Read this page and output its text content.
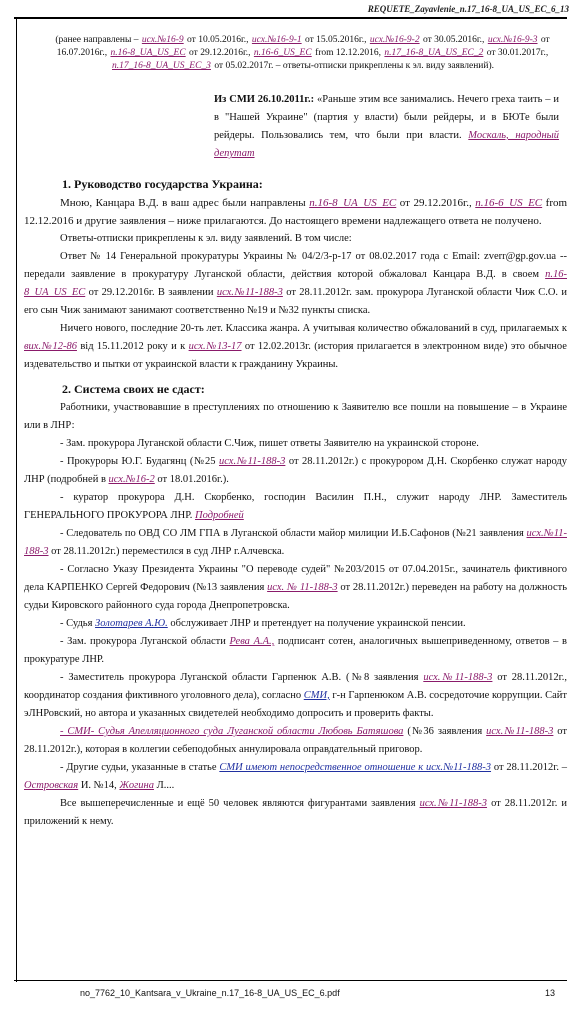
REQUETE_Zayavlenie_n.17_16-8_UA_US_EC_6_13
(ранее направлены – исх.№16-9 от 10.05.2016г., исх.№16-9-1 от 15.05.2016г., исх.№16-9-2 от 30.05.2016г., исх.№16-9-3 от 16.07.2016г., n.16-8_UA_US_EC от 29.12.2016г., n.16-6_US_EC from 12.12.2016, n.17_16-8_UA_US_EC_2 от 30.01.2017г., n.17_16-8_UA_US_EC_3 от 05.02.2017г. – ответы-отписки прикреплены к эл. виду заявлений).
Из СМИ 26.10.2011г.: «Раньше этим все занимались. Нечего греха таить – и в "Нашей Украине" (партия у власти) были рейдеры, и в БЮТе были рейдеры. Пользовались тем, что были при власти. Москаль, народный депутат
1. Руководство государства Украина:

Мною, Канцара В.Д. в ваш адрес были направлены n.16-8_UA_US_EC от 29.12.2016г., n.16-6_US_EC from 12.12.2016 и другие заявления – ниже прилагаются. До настоящего времени надлежащего ответа не получено.

Ответы-отписки прикреплены к эл. виду заявлений. В том числе:

Ответ № 14 Генеральной прокуратуры Украины № 04/2/3-р-17 от 08.02.2017 года с Email: zverr@gp.gov.ua -- передали заявление в прокуратуру Луганской области, действия которой обжаловал Канцара В.Д. в своем n.16-8_UA_US_EC от 29.12.2016г. В заявлении исх.№11-188-3 от 28.11.2012г. зам. прокурора Луганской области Чиж С.О. и его сын Чиж занимают занимают соответственно №19 и №32 пункты списка.

Ничего нового, последние 20-ть лет. Классика жанра. А учитывая количество обжалований в суд, прилагаемых к вих.№12-86 від 15.11.2012 року и к исх.№13-17 от 12.02.2013г. (история прилагается в электронном виде) это обычное издевательство и пытки от украинской власти к гражданину Украины.

2. Система своих не сдаст:

Работники, участвовавшие в преступлениях по отношению к Заявителю все пошли на повышение – в Украине или в ЛНР:

- Зам. прокурора Луганской области С.Чиж, пишет ответы Заявителю на украинской стороне.
- Прокуроры Ю.Г. Будагянц (№25 исх.№11-188-3 от 28.11.2012г.) с прокурором Д.Н. Скорбенко служат народу ЛНР (подробней в исх.№16-2 от 18.01.2016г.).
- куратор прокурора Д.Н. Скорбенко, господин Василин П.Н., служит народу ЛНР. Заместитель ГЕНЕРАЛЬНОГО ПРОКУРОРА ЛНР. Подробней
- Следователь по ОВД СО ЛМ ГПА в Луганской области майор милиции И.Б.Сафонов (№21 заявления исх.№11-188-3 от 28.11.2012г.) переместился в суд ЛНР г.Алчевска.
- Согласно Указу Президента Украины "О переводе судей" №203/2015 от 07.04.2015г., зачинатель фиктивного дела КАРПЕНКО Сергей Федорович (№13 заявления исх. № 11-188-3 от 28.11.2012г.) переведен на работу на должность судьи Кировского районного суда города Днепропетровска.
- Судья Золотарев А.Ю. обслуживает ЛНР и претендует на получение украинской пенсии.
- Зам. прокурора Луганской области Рева А.А., подписант сотен, аналогичных вышеприведенному, ответов – в прокуратуре ЛНР.
- Заместитель прокурора Луганской области Гарпенюк А.В. (№8 заявления исх.№11-188-3 от 28.11.2012г., координатор создания фиктивного уголовного дела), согласно СМИ, г-н Гарпенюком А.В. сосредоточие коррупции. Сайт эЛНРовский, но автора и указанных свидетелей необходимо допросить и проверить факты.
- СМИ- Судья Апелляционного суда Луганской области Любовь Батяшова (№36 заявления исх.№11-188-3 от 28.11.2012г.), которая в коллегии себеподобных аннулировала оправдательный приговор.
- Другие судьи, указанные в статье СМИ имеют непосредственное отношение к исх.№11-188-3 от 28.11.2012г. – Островская И. №14, Жогина Л....

Все вышеперечисленные и ещё 50 человек являются фигурантами заявления исх.№11-188-3 от 28.11.2012г. и приложений к нему.

no_7762_10_Kantsara_v_Ukraine_n.17_16-8_UA_US_EC_6.pdf	13
